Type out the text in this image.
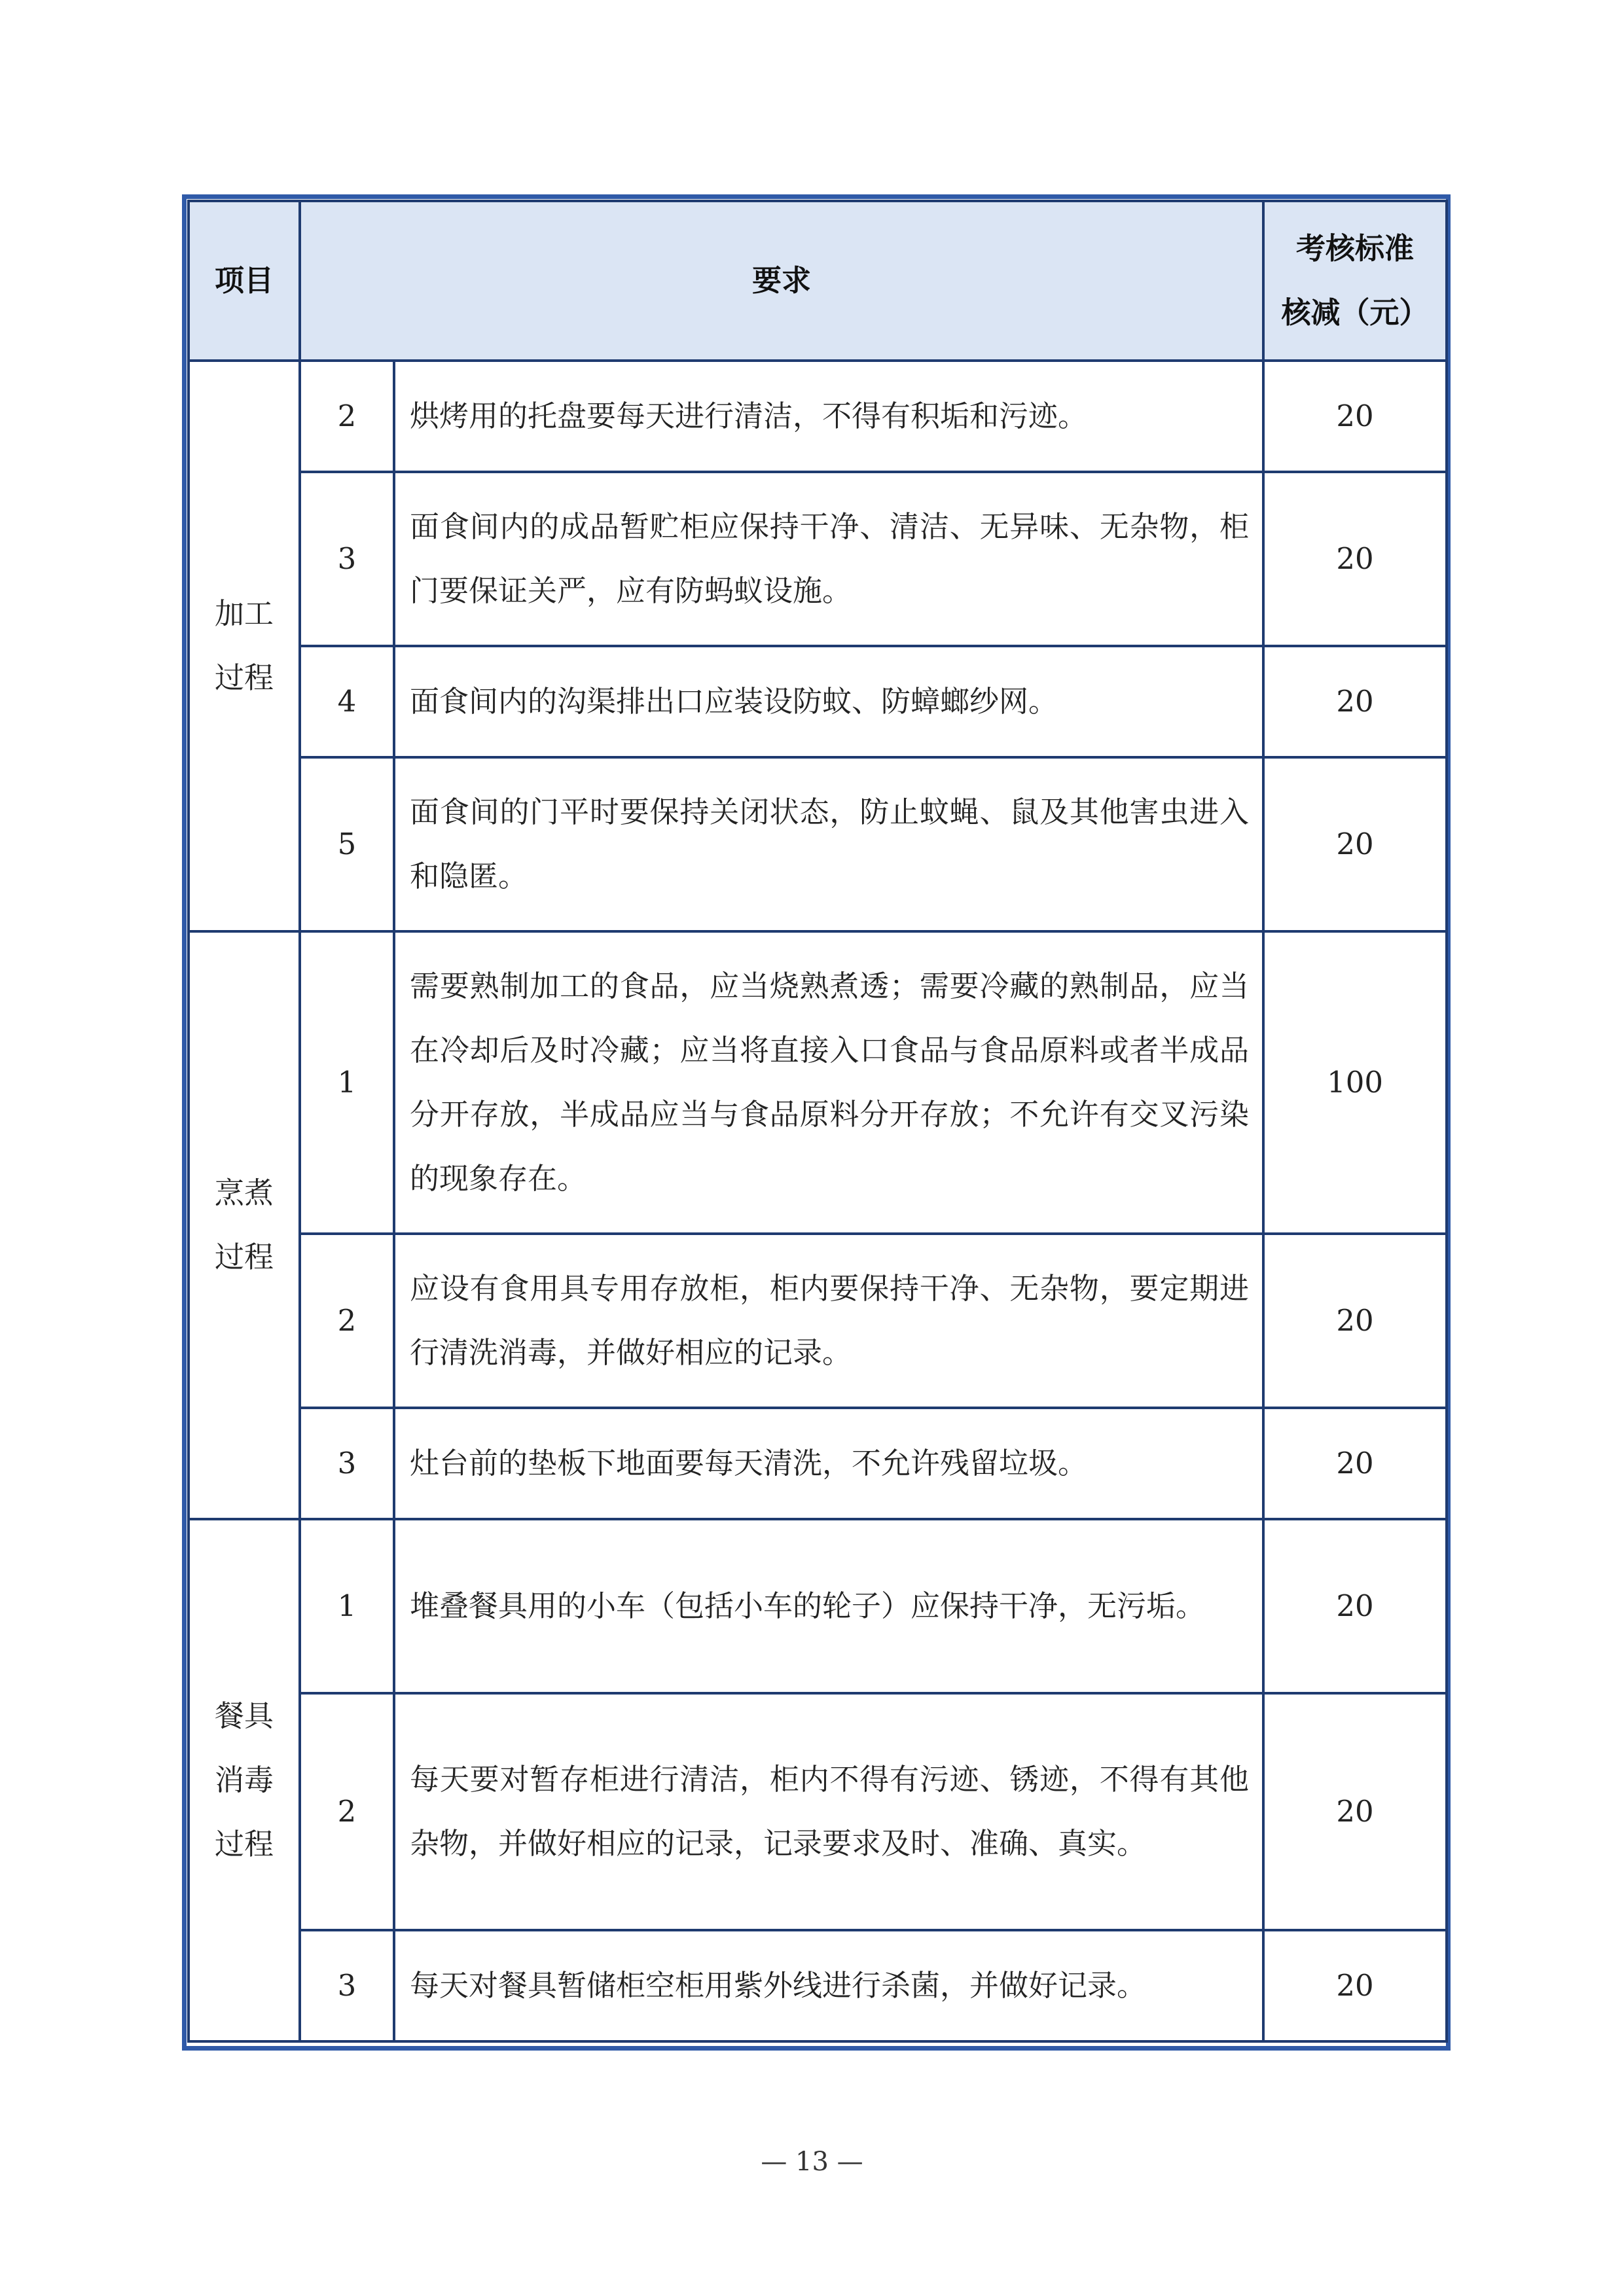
项目	要求		考核标准
核减（元）

加工
过程	2	烘烤用的托盘要每天进行清洁，不得有积垢和污迹。	20
	3	面食间内的成品暂贮柜应保持干净、清洁、无异味、无杂物，柜门要保证关严，应有防蚂蚁设施。	20
	4	面食间内的沟渠排出口应装设防蚊、防蟑螂纱网。	20
	5	面食间的门平时要保持关闭状态，防止蚊蝇、鼠及其他害虫进入和隐匿。	20

烹煮
过程	1	需要熟制加工的食品，应当烧熟煮透；需要冷藏的熟制品，应当在冷却后及时冷藏；应当将直接入口食品与食品原料或者半成品分开存放，半成品应当与食品原料分开存放；不允许有交叉污染的现象存在。	100
	2	应设有食用具专用存放柜，柜内要保持干净、无杂物，要定期进行清洗消毒，并做好相应的记录。	20
	3	灶台前的垫板下地面要每天清洗，不允许残留垃圾。	20

餐具
消毒
过程	1	堆叠餐具用的小车（包括小车的轮子）应保持干净，无污垢。	20
	2	每天要对暂存柜进行清洁，柜内不得有污迹、锈迹，不得有其他杂物，并做好相应的记录，记录要求及时、准确、真实。	20
	3	每天对餐具暂储柜空柜用紫外线进行杀菌，并做好记录。	20
— 13 —
